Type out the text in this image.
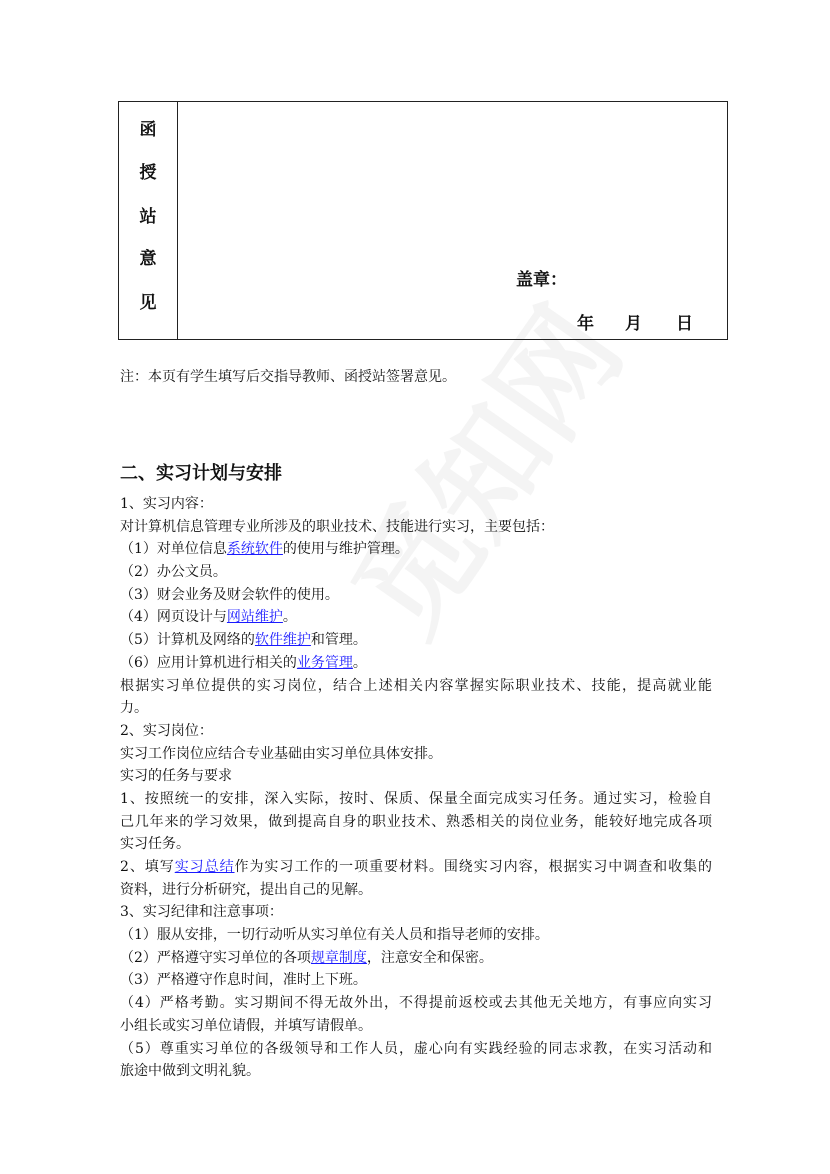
函
授
站
意
见
盖章：
年 月 日
注：本页有学生填写后交指导教师、函授站签署意见。
二、实习计划与安排
1、实习内容：
对计算机信息管理专业所涉及的职业技术、技能进行实习，主要包括：
（1）对单位信息系统软件的使用与维护管理。
（2）办公文员。
（3）财会业务及财会软件的使用。
（4）网页设计与网站维护。
（5）计算机及网络的软件维护和管理。
（6）应用计算机进行相关的业务管理。
根据实习单位提供的实习岗位，结合上述相关内容掌握实际职业技术、技能，提高就业能
力。
2、实习岗位：
实习工作岗位应结合专业基础由实习单位具体安排。
实习的任务与要求
1、按照统一的安排，深入实际，按时、保质、保量全面完成实习任务。通过实习，检验自
己几年来的学习效果，做到提高自身的职业技术、熟悉相关的岗位业务，能较好地完成各项
实习任务。
2、填写实习总结作为实习工作的一项重要材料。围绕实习内容，根据实习中调查和收集的
资料，进行分析研究，提出自己的见解。
3、实习纪律和注意事项：
（1）服从安排，一切行动听从实习单位有关人员和指导老师的安排。
（2）严格遵守实习单位的各项规章制度，注意安全和保密。
（3）严格遵守作息时间，准时上下班。
（4）严格考勤。实习期间不得无故外出，不得提前返校或去其他无关地方，有事应向实习
小组长或实习单位请假，并填写请假单。
（5）尊重实习单位的各级领导和工作人员，虚心向有实践经验的同志求教，在实习活动和
旅途中做到文明礼貌。
